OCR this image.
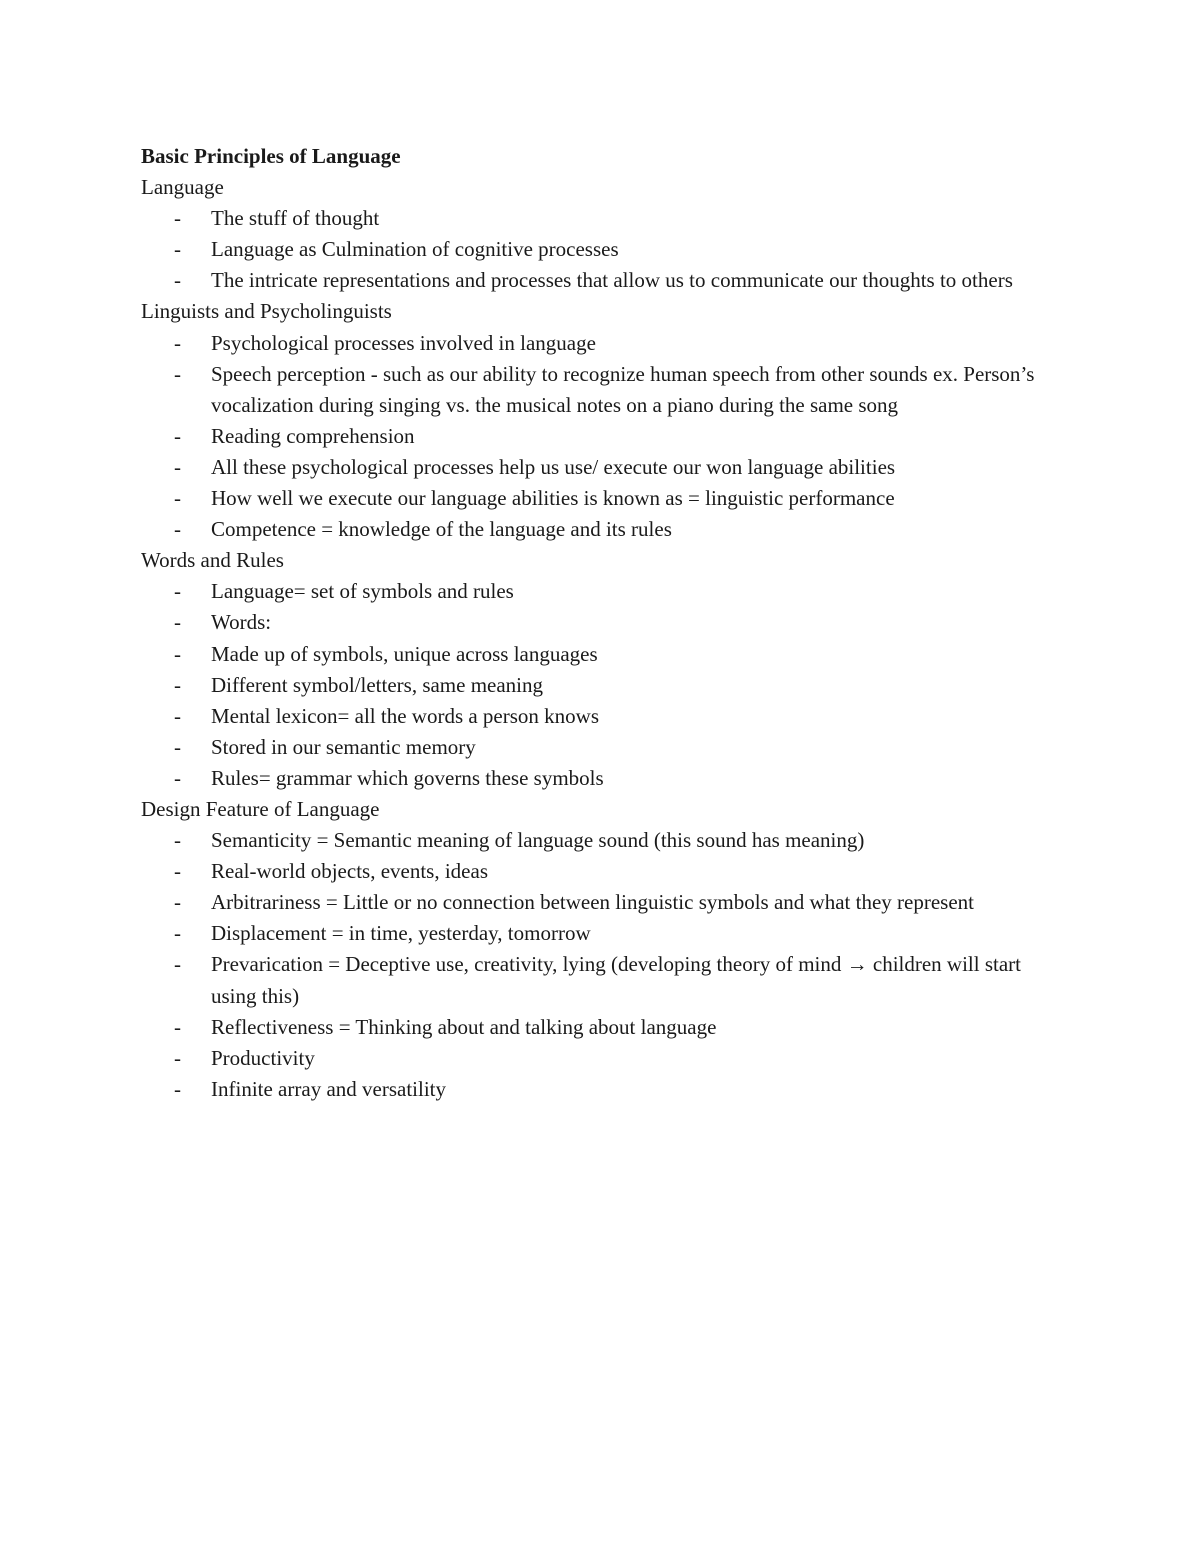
Basic Principles of Language
Language
- The stuff of thought
- Language as Culmination of cognitive processes
- The intricate representations and processes that allow us to communicate our thoughts to others
Linguists and Psycholinguists
- Psychological processes involved in language
- Speech perception - such as our ability to recognize human speech from other sounds ex. Person’s vocalization during singing vs. the musical notes on a piano during the same song
- Reading comprehension
- All these psychological processes help us use/ execute our won language abilities
- How well we execute our language abilities is known as = linguistic performance
- Competence = knowledge of the language and its rules
Words and Rules
- Language= set of symbols and rules
- Words:
- Made up of symbols, unique across languages
- Different symbol/letters, same meaning
- Mental lexicon= all the words a person knows
- Stored in our semantic memory
- Rules= grammar which governs these symbols
Design Feature of Language
- Semanticity = Semantic meaning of language sound (this sound has meaning)
- Real-world objects, events, ideas
- Arbitrariness = Little or no connection between linguistic symbols and what they represent
- Displacement = in time, yesterday, tomorrow
- Prevarication = Deceptive use, creativity, lying (developing theory of mind → children will start using this)
- Reflectiveness = Thinking about and talking about language
- Productivity
- Infinite array and versatility
